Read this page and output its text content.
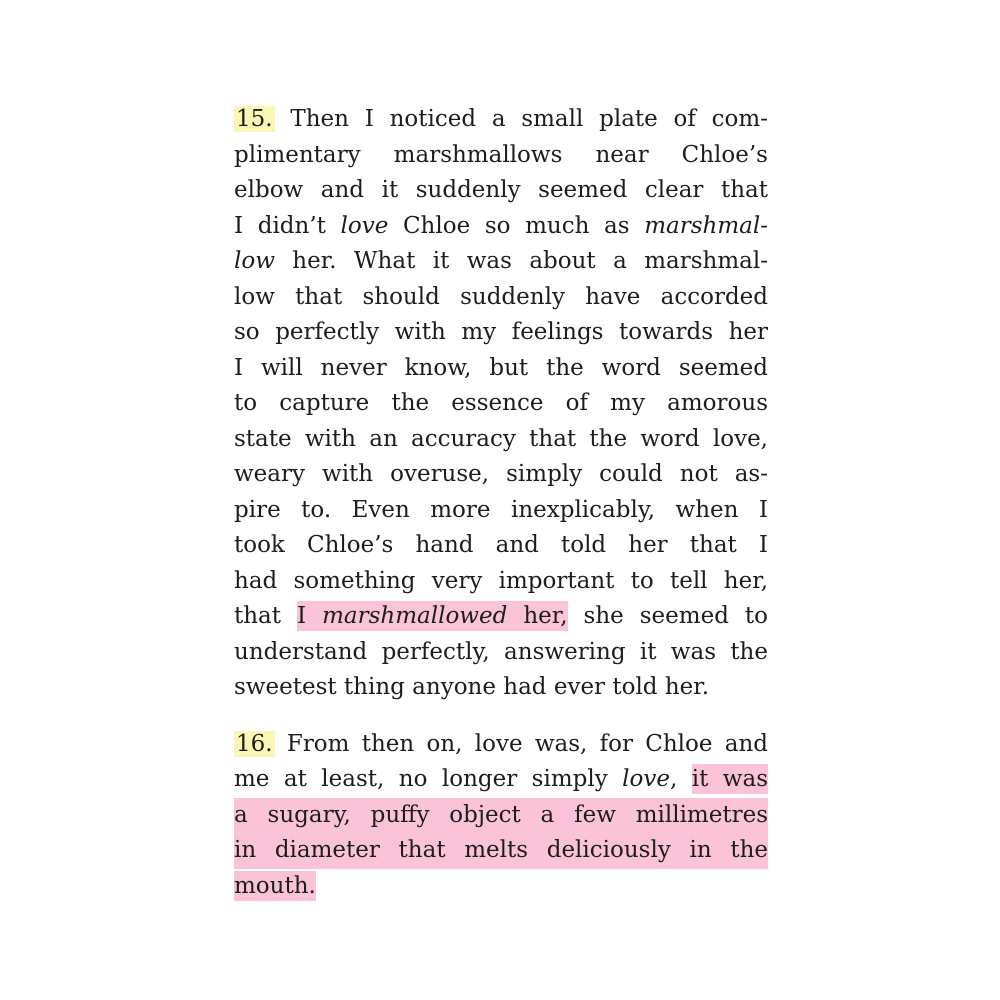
15. Then I noticed a small plate of com-
plimentary marshmallows near Chloe’s
elbow and it suddenly seemed clear that
I didn’t love Chloe so much as marshmal-
low her. What it was about a marshmal-
low that should suddenly have accorded
so perfectly with my feelings towards her
I will never know, but the word seemed
to capture the essence of my amorous
state with an accuracy that the word love,
weary with overuse, simply could not as-
pire to. Even more inexplicably, when I
took Chloe’s hand and told her that I
had something very important to tell her,
that I marshmallowed her, she seemed to
understand perfectly, answering it was the
sweetest thing anyone had ever told her.
16. From then on, love was, for Chloe and
me at least, no longer simply love, it was
a sugary, puffy object a few millimetres
in diameter that melts deliciously in the
mouth.
